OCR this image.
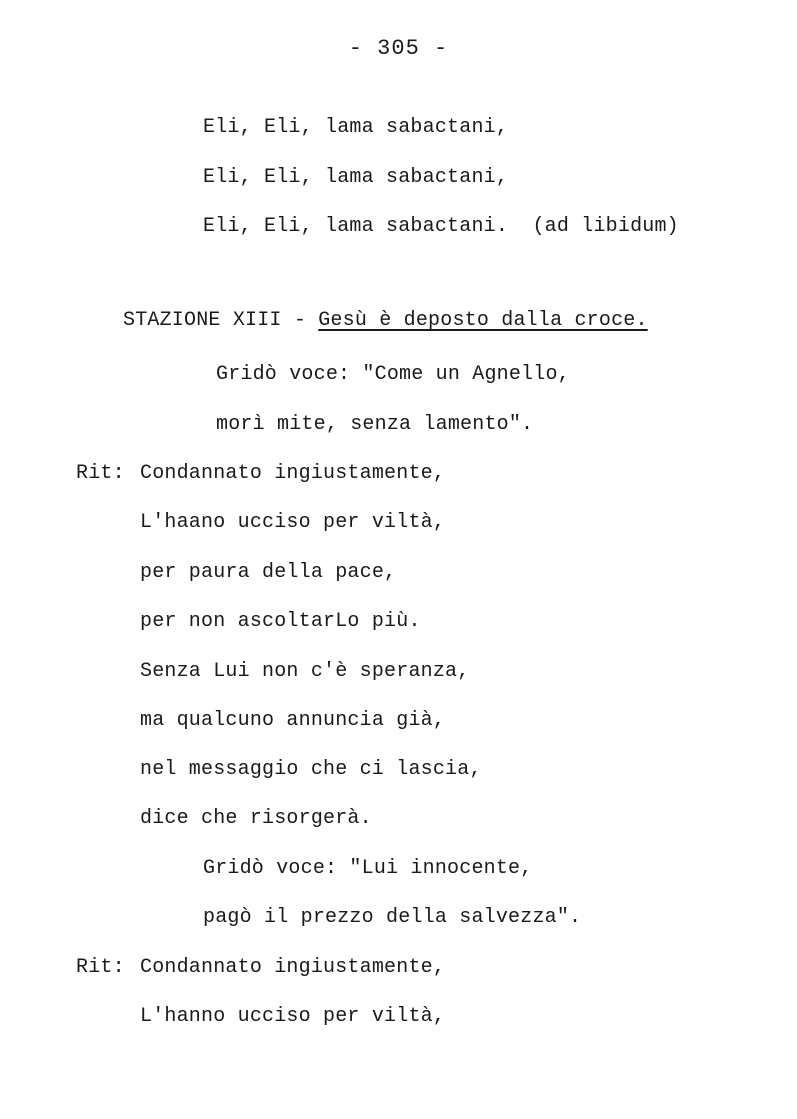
- 305 -
Eli, Eli, lama sabactani,
Eli, Eli, lama sabactani,
Eli, Eli, lama sabactani.  (ad libidum)
STAZIONE XIII - Gesù è deposto dalla croce.
Gridò voce: "Come un Agnello,
morì mite, senza lamento".
Rit: Condannato ingiustamente,
L'haano ucciso per viltà,
per paura della pace,
per non ascoltarLo più.
Senza Lui non c'è speranza,
ma qualcuno annuncia già,
nel messaggio che ci lascia,
dice che risorgerà.
Gridò voce: "Lui innocente,
pagò il prezzo della salvezza".
Rit: Condannato ingiustamente,
L'hanno ucciso per viltà,
